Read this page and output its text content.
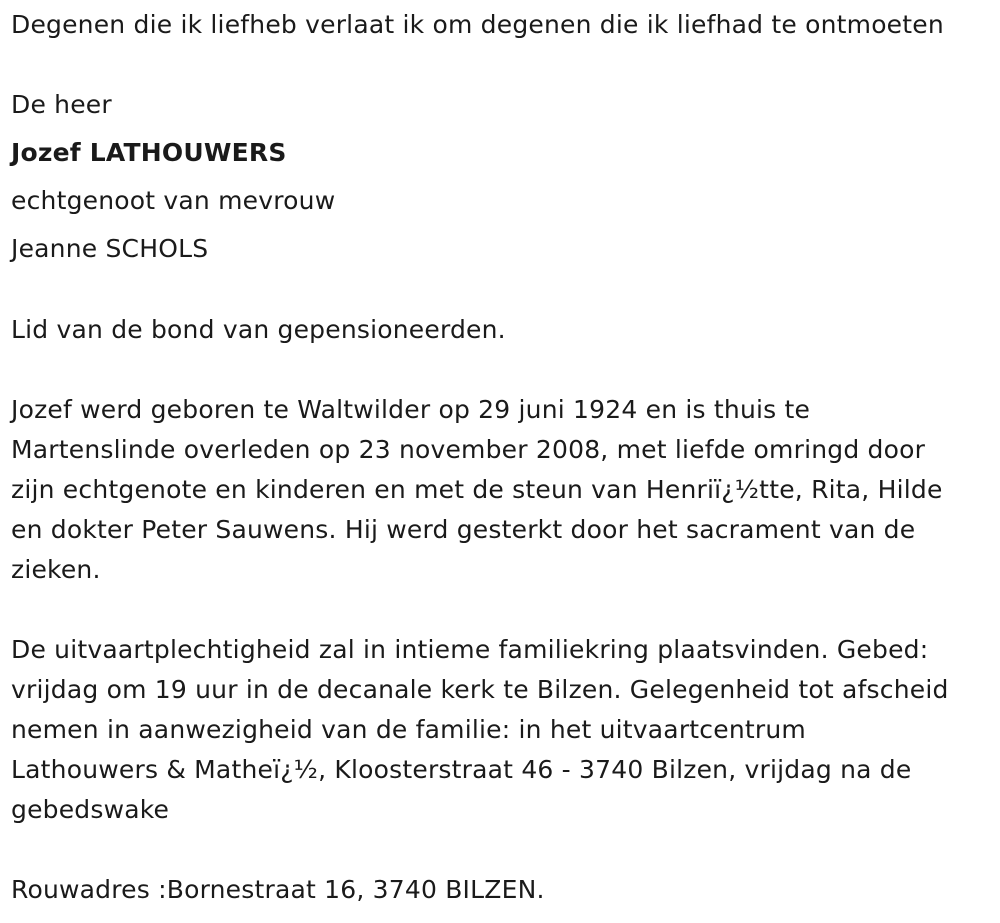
Degenen die ik liefheb verlaat ik om degenen die ik liefhad te ontmoeten
De heer
Jozef LATHOUWERS
echtgenoot van mevrouw
Jeanne SCHOLS
Lid van de bond van gepensioneerden.
Jozef werd geboren te Waltwilder op 29 juni 1924 en is thuis te
Martenslinde overleden op 23 november 2008, met liefde omringd door
zijn echtgenote en kinderen en met de steun van Henriï¿½tte, Rita, Hilde
en dokter Peter Sauwens. Hij werd gesterkt door het sacrament van de
zieken.
De uitvaartplechtigheid zal in intieme familiekring plaatsvinden. Gebed:
vrijdag om 19 uur in de decanale kerk te Bilzen. Gelegenheid tot afscheid
nemen in aanwezigheid van de familie: in het uitvaartcentrum
Lathouwers & Matheï¿½, Kloosterstraat 46 - 3740 Bilzen, vrijdag na de
gebedswake
Rouwadres :Bornestraat 16, 3740 BILZEN.
